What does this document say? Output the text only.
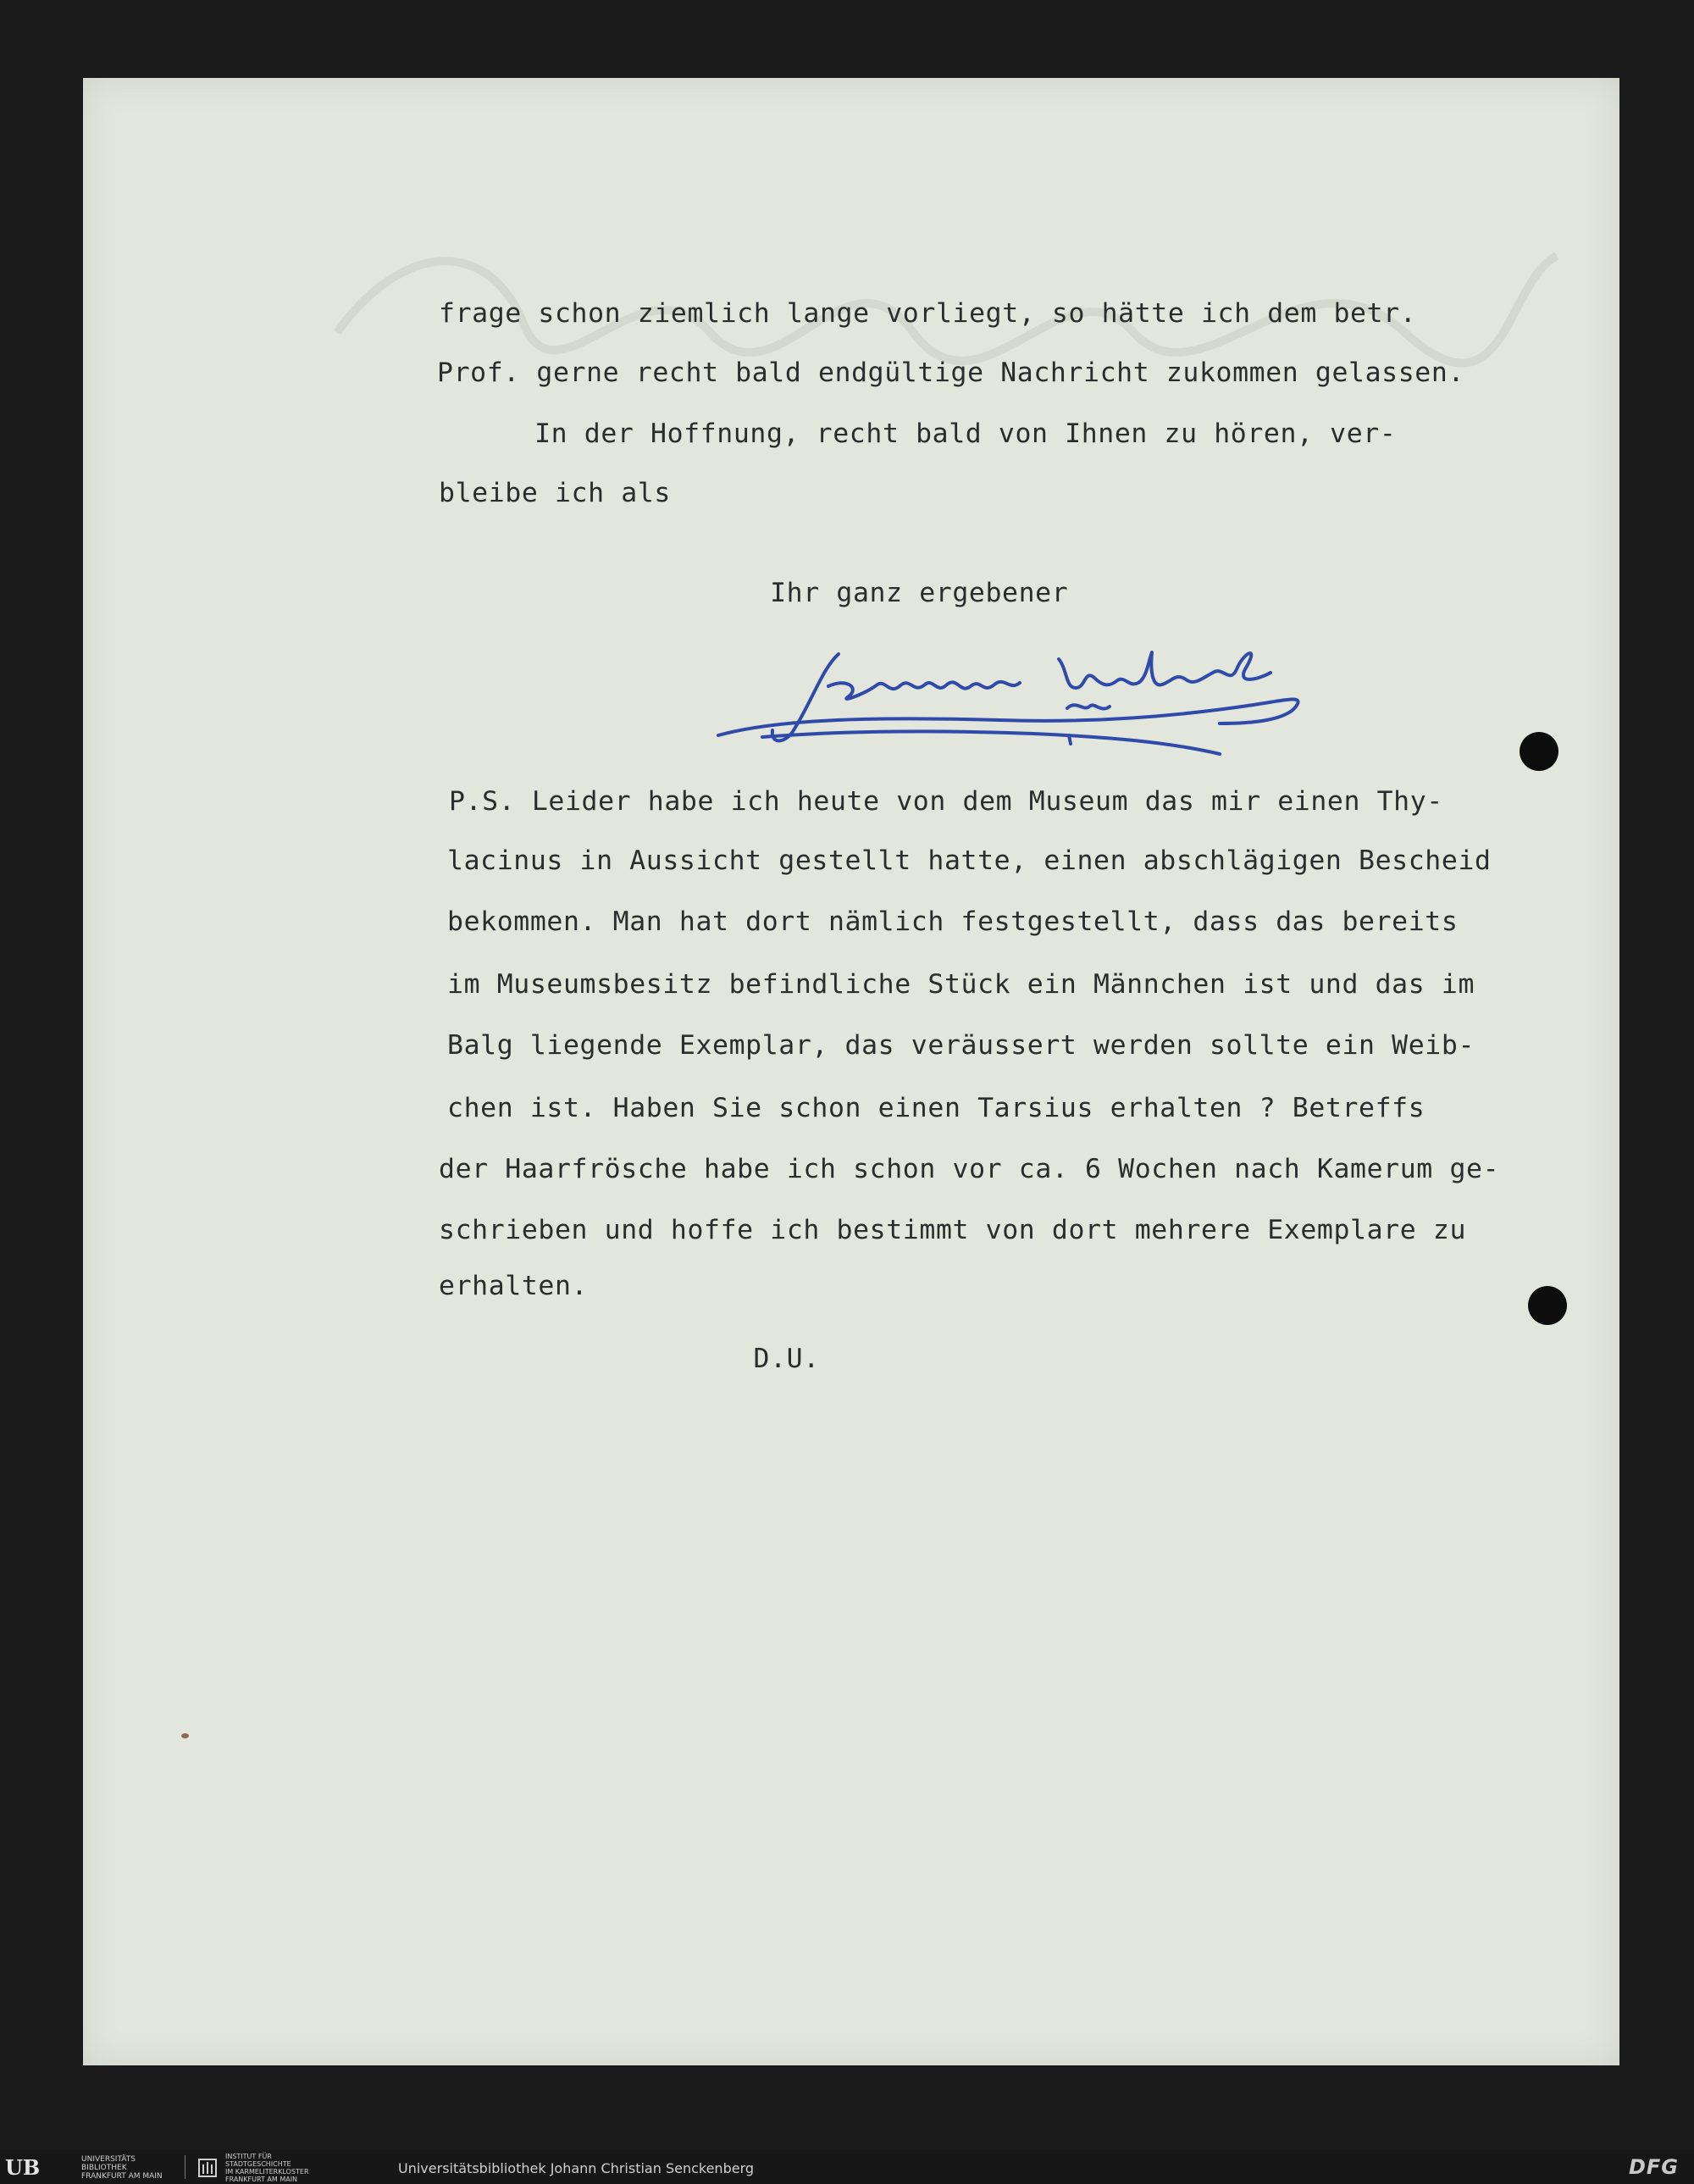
frage schon ziemlich lange vorliegt, so hätte ich dem betr.
Prof. gerne recht bald endgültige Nachricht zukommen gelassen.
In der Hoffnung, recht bald von Ihnen zu hören, ver-
bleibe ich als
Ihr ganz ergebener
P.S. Leider habe ich heute von dem Museum das mir einen Thy-
lacinus in Aussicht gestellt hatte, einen abschlägigen Bescheid
bekommen. Man hat dort nämlich festgestellt, dass das bereits
im Museumsbesitz befindliche Stück ein Männchen ist und das im
Balg liegende Exemplar, das veräussert werden sollte ein Weib-
chen ist. Haben Sie schon einen Tarsius erhalten ? Betreffs
der Haarfrösche habe ich schon vor ca. 6 Wochen nach Kamerum ge-
schrieben und hoffe ich bestimmt von dort mehrere Exemplare zu
erhalten.
D.U.
UB	UNIVERSITÄTS
BIBLIOTHEK
FRANKFURT AM MAIN
INSTITUT FÜR
STADTGESCHICHTE
IM KARMELITERKLOSTER
FRANKFURT AM MAIN
Universitätsbibliothek Johann Christian Senckenberg	DFG
